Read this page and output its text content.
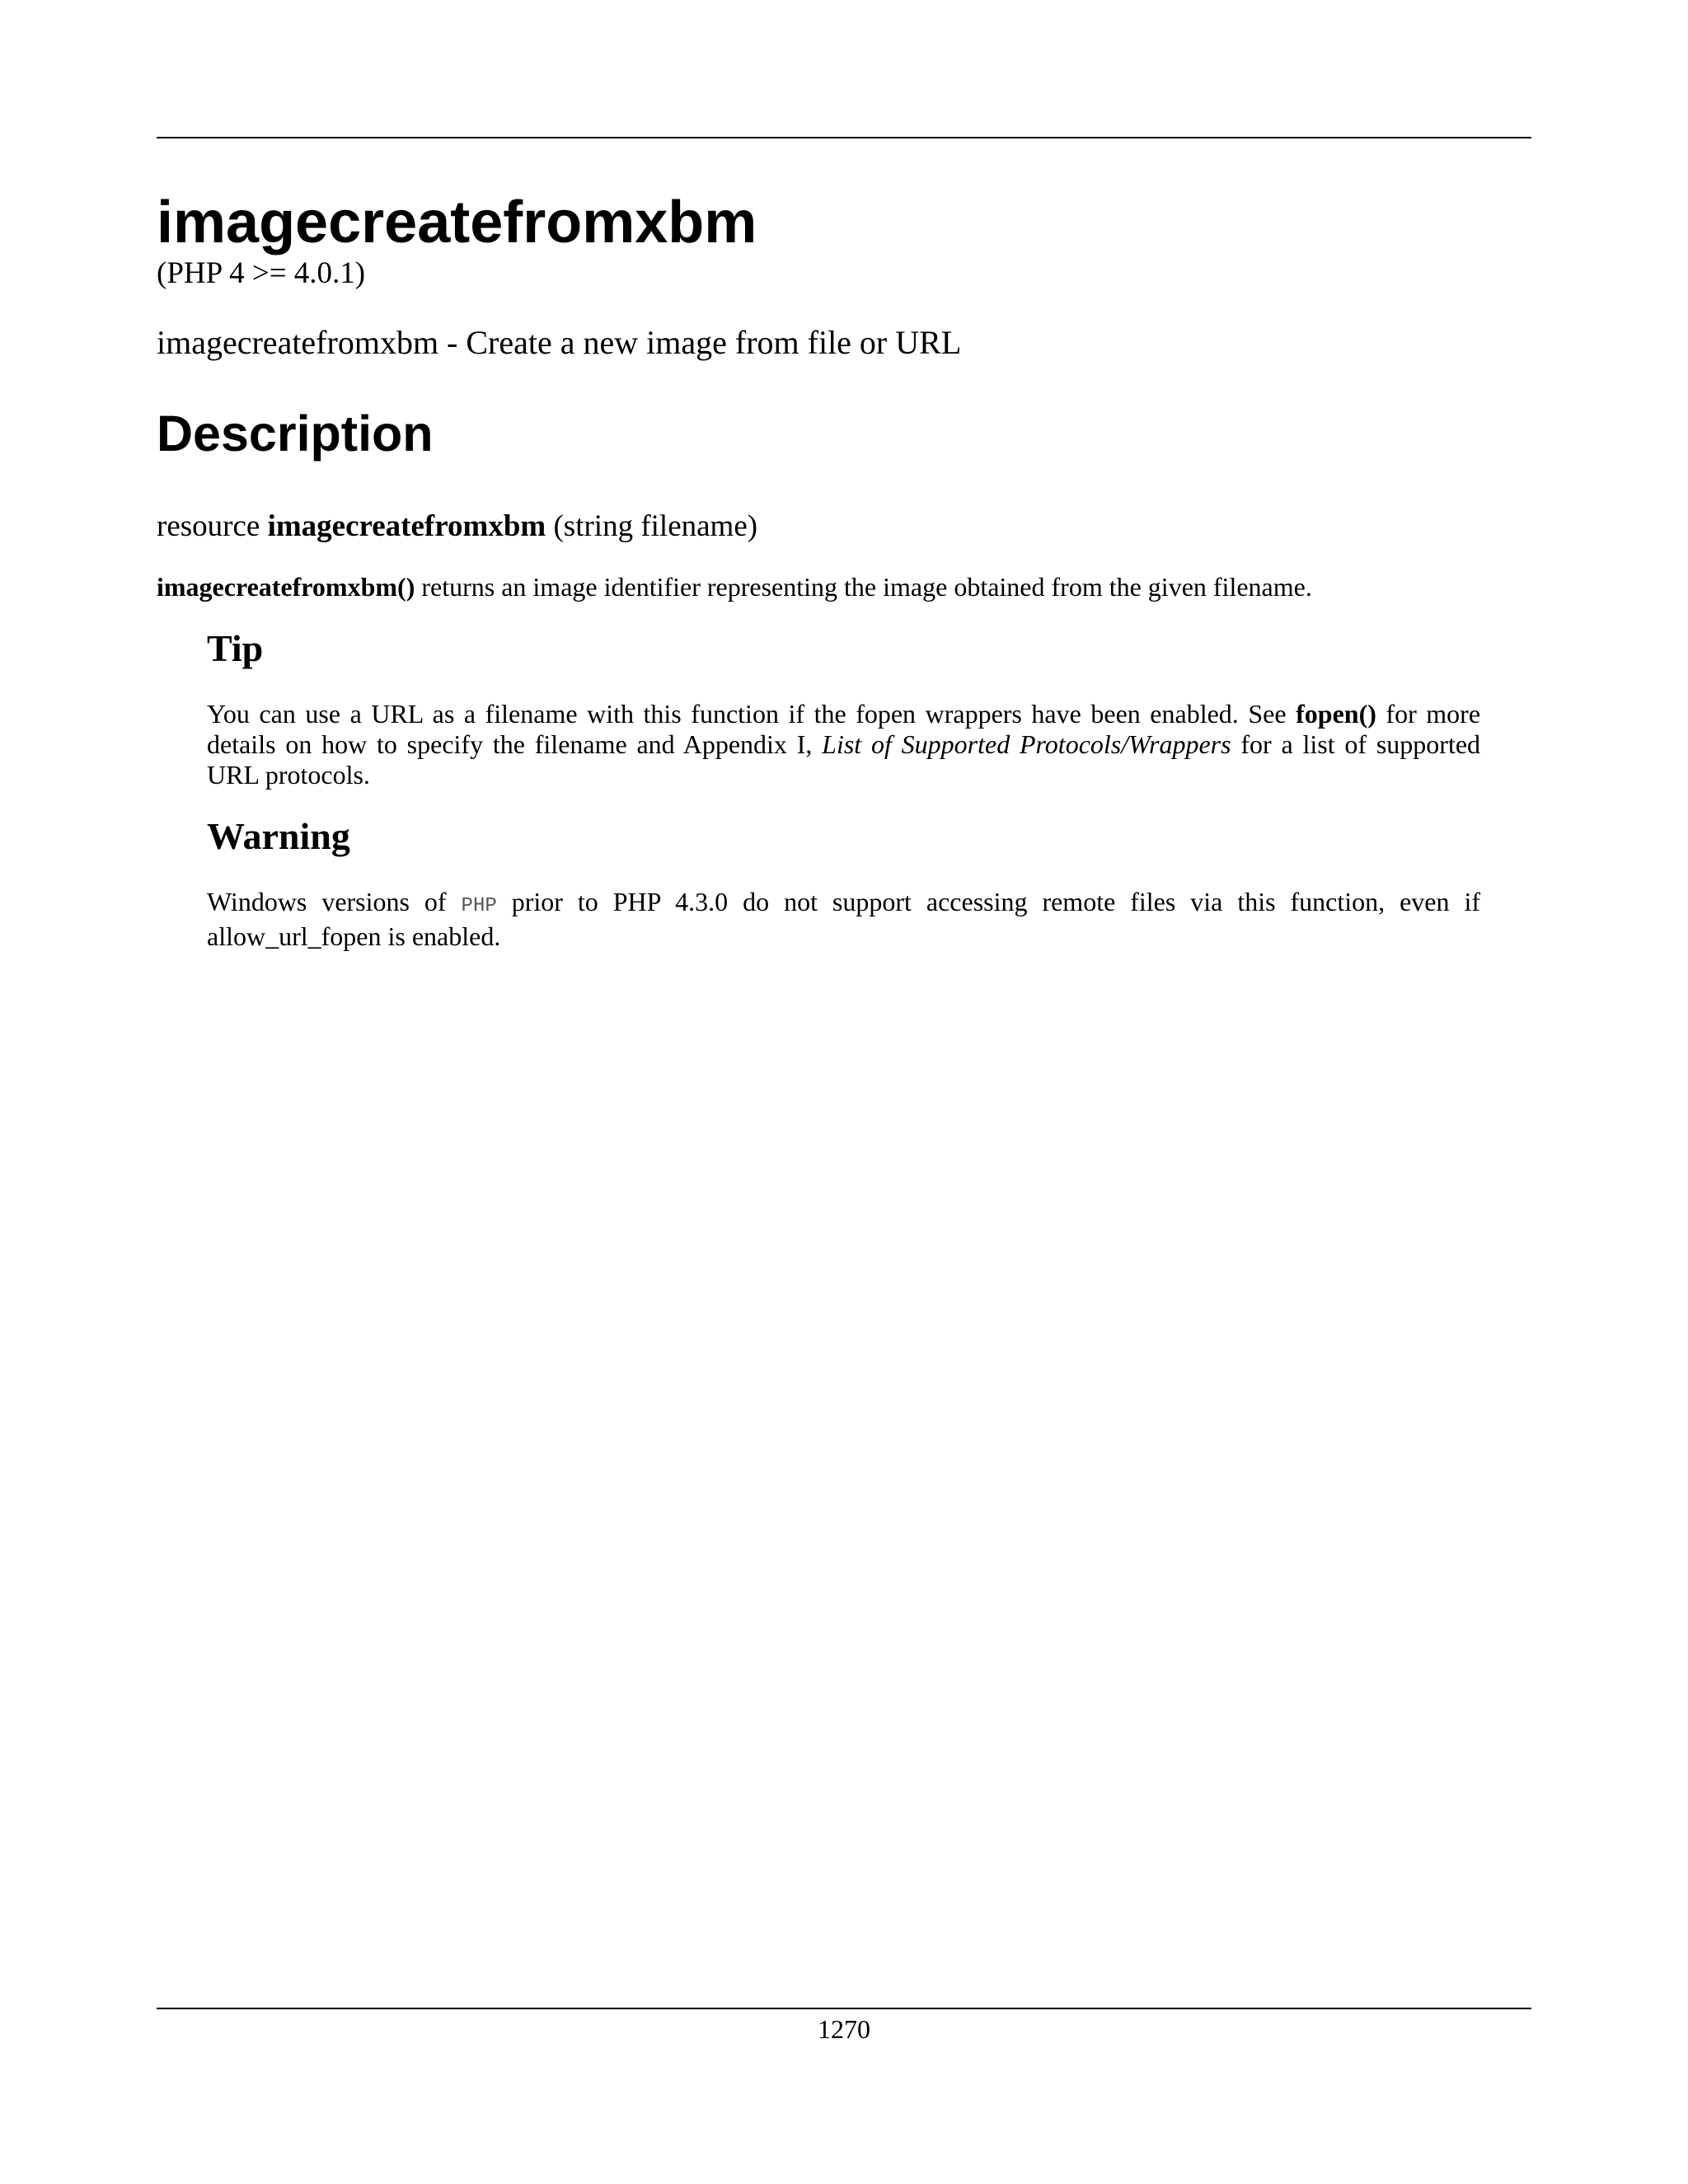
imagecreatefromxbm
(PHP 4 >= 4.0.1)
imagecreatefromxbm - Create a new image from file or URL
Description
resource imagecreatefromxbm (string filename)
imagecreatefromxbm() returns an image identifier representing the image obtained from the given filename.
Tip
You can use a URL as a filename with this function if the fopen wrappers have been enabled. See fopen() for more details on how to specify the filename and Appendix I, List of Supported Protocols/Wrappers for a list of supported URL protocols.
Warning
Windows versions of PHP prior to PHP 4.3.0 do not support accessing remote files via this function, even if allow_url_fopen is enabled.
1270
